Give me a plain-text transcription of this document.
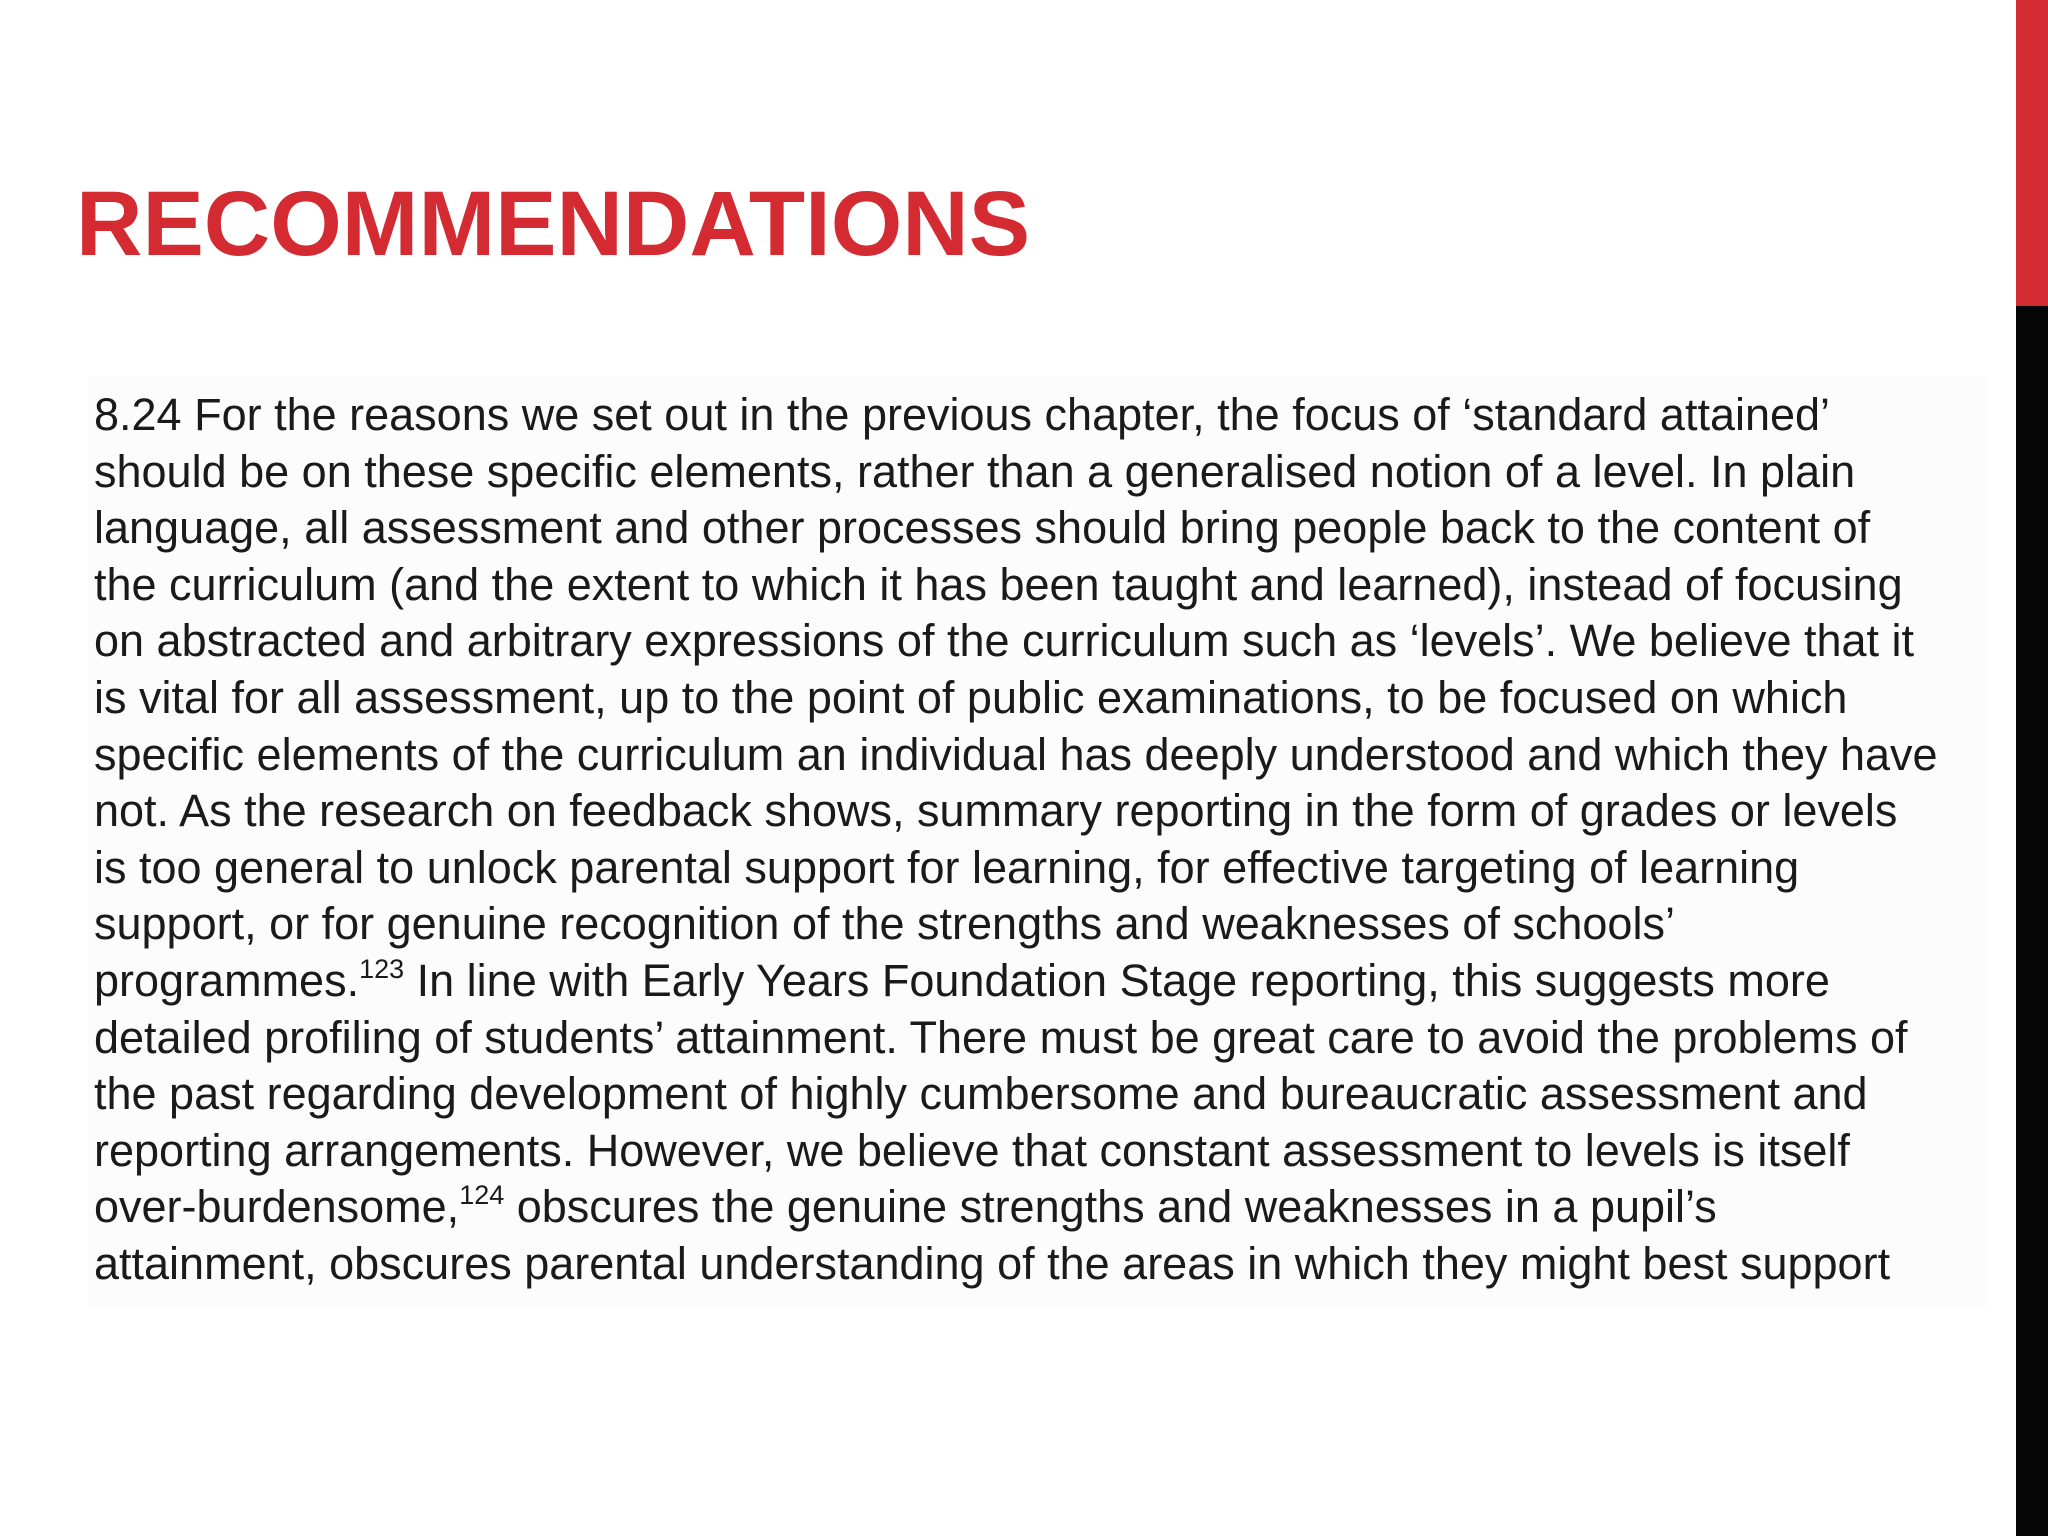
RECOMMENDATIONS

8.24 For the reasons we set out in the previous chapter, the focus of ‘standard attained’
should be on these specific elements, rather than a generalised notion of a level. In plain
language, all assessment and other processes should bring people back to the content of
the curriculum (and the extent to which it has been taught and learned), instead of focusing
on abstracted and arbitrary expressions of the curriculum such as ‘levels’. We believe that it
is vital for all assessment, up to the point of public examinations, to be focused on which
specific elements of the curriculum an individual has deeply understood and which they have
not. As the research on feedback shows, summary reporting in the form of grades or levels
is too general to unlock parental support for learning, for effective targeting of learning
support, or for genuine recognition of the strengths and weaknesses of schools’
programmes.$^{123}$ In line with Early Years Foundation Stage reporting, this suggests more
detailed profiling of students’ attainment. There must be great care to avoid the problems of
the past regarding development of highly cumbersome and bureaucratic assessment and
reporting arrangements. However, we believe that constant assessment to levels is itself
over-burdensome,$^{124}$ obscures the genuine strengths and weaknesses in a pupil’s
attainment, obscures parental understanding of the areas in which they might best support
